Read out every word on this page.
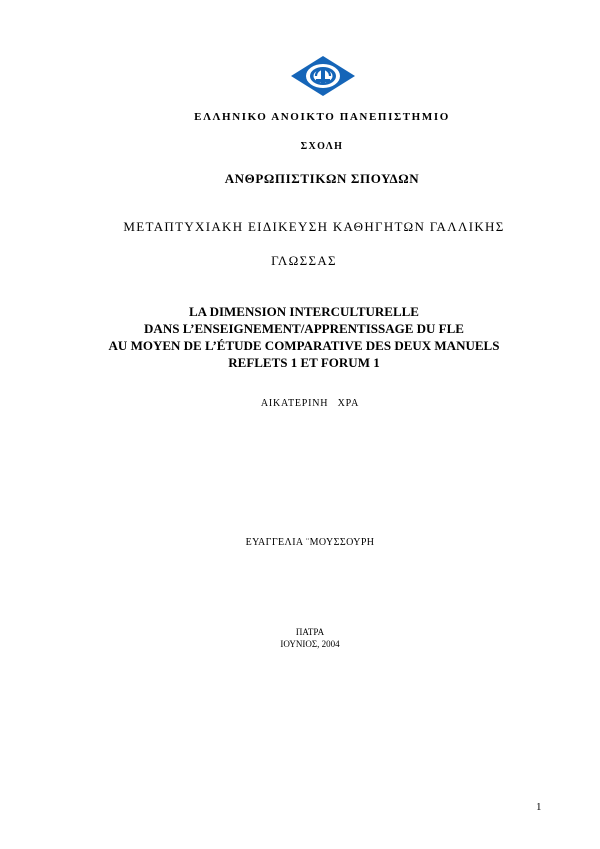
ΕΛΛΗΝΙΚΟ ΑΝΟΙΚΤΟ ΠΑΝΕΠΙΣΤΗΜΙΟ
ΣΧΟΛΗ
ΑΝΘΡΩΠΙΣΤΙΚΩΝ ΣΠΟΥΔΩΝ
ΜΕΤΑΠΤΥΧΙΑΚΗ ΕΙΔΙΚΕΥΣΗ ΚΑΘΗΓΗΤΩΝ ΓΑΛΛΙΚΗΣ
ΓΛΩΣΣΑΣ
LA DIMENSION INTERCULTURELLE
DANS L’ENSEIGNEMENT/APPRENTISSAGE DU FLE
AU MOYEN DE L’ÉTUDE COMPARATIVE DES DEUX MANUELS
REFLETS 1 ET FORUM 1
ΑΙΚΑΤΕΡΙΝΗ ΧΡΑ
ΕΥΑΓΓΕΛΙΑ ¨ΜΟΥΣΣΟΥΡΗ
ΠΑΤΡΑ
ΙΟΥΝΙΟΣ, 2004
1
